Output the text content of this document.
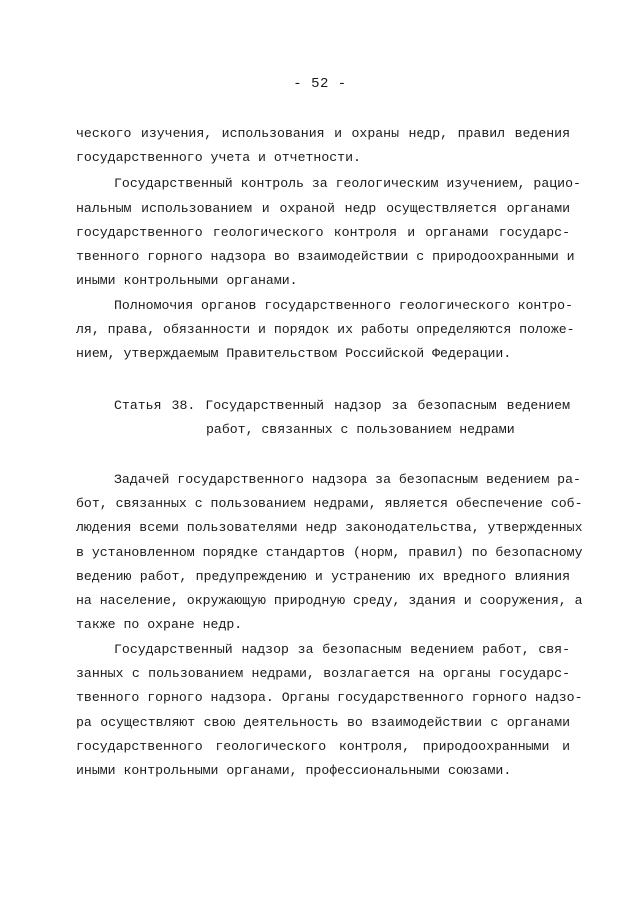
- 52 -
ческого изучения, использования и охраны недр, правил ведения
государственного учета и отчетности.
Государственный контроль за геологическим изучением, рацио-
нальным использованием и охраной недр осуществляется органами
государственного геологического контроля и органами государс-
твенного горного надзора во взаимодействии с природоохранными и
иными контрольными органами.
Полномочия органов государственного геологического контро-
ля, права, обязанности и порядок их работы определяются положе-
нием, утверждаемым Правительством Российской Федерации.
Статья 38. Государственный надзор за безопасным ведением
работ, связанных с пользованием недрами
Задачей государственного надзора за безопасным ведением ра-
бот, связанных с пользованием недрами, является обеспечение соб-
людения всеми пользователями недр законодательства, утвержденных
в установленном порядке стандартов (норм, правил) по безопасному
ведению работ, предупреждению и устранению их вредного влияния
на население, окружающую природную среду, здания и сооружения, а
также по охране недр.
Государственный надзор за безопасным ведением работ, свя-
занных с пользованием недрами, возлагается на органы государс-
твенного горного надзора. Органы государственного горного надзо-
ра осуществляют свою деятельность во взаимодействии с органами
государственного геологического контроля, природоохранными и
иными контрольными органами, профессиональными союзами.
